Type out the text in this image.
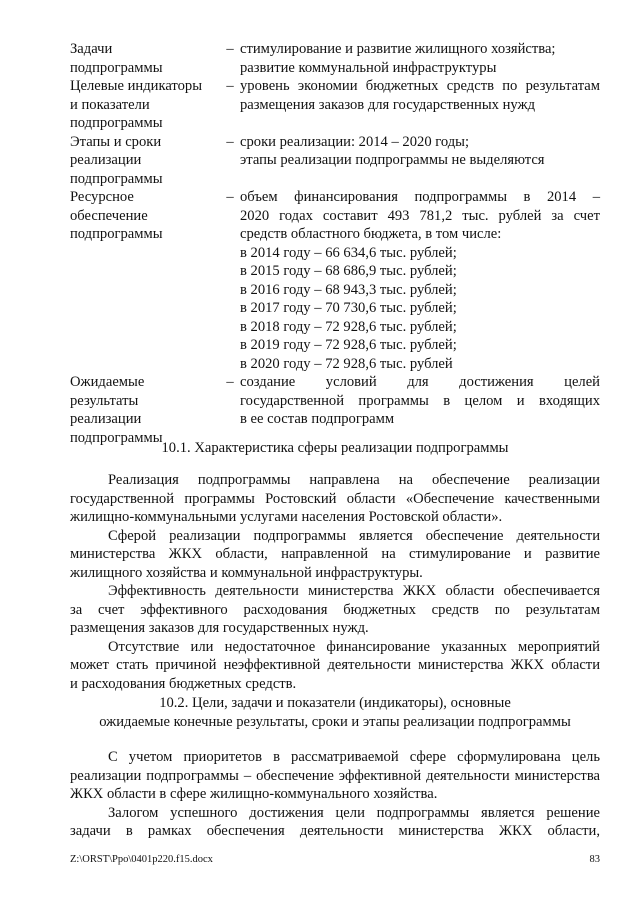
Задачи
подпрограммы
– стимулирование и развитие жилищного хозяйства;
развитие коммунальной инфраструктуры
Целевые индикаторы
и показатели
подпрограммы
– уровень экономии бюджетных средств по результатам
размещения заказов для государственных нужд
Этапы и сроки
реализации
подпрограммы
– сроки реализации: 2014 – 2020 годы;
этапы реализации подпрограммы не выделяются
Ресурсное
обеспечение
подпрограммы
– объем финансирования подпрограммы в 2014 –
2020 годах составит 493 781,2 тыс. рублей за счет
средств областного бюджета, в том числе:
в 2014 году – 66 634,6 тыс. рублей;
в 2015 году – 68 686,9 тыс. рублей;
в 2016 году – 68 943,3 тыс. рублей;
в 2017 году – 70 730,6 тыс. рублей;
в 2018 году – 72 928,6 тыс. рублей;
в 2019 году – 72 928,6 тыс. рублей;
в 2020 году – 72 928,6 тыс. рублей
Ожидаемые
результаты
реализации
подпрограммы
– создание условий для достижения целей
государственной программы в целом и входящих
в ее состав подпрограмм
10.1. Характеристика сферы реализации подпрограммы
Реализация подпрограммы направлена на обеспечение реализации
государственной программы Ростовский области «Обеспечение качественными
жилищно-коммунальными услугами населения Ростовской области».
Сферой реализации подпрограммы является обеспечение деятельности
министерства ЖКХ области, направленной на стимулирование и развитие
жилищного хозяйства и коммунальной инфраструктуры.
Эффективность деятельности министерства ЖКХ области обеспечивается
за счет эффективного расходования бюджетных средств по результатам
размещения заказов для государственных нужд.
Отсутствие или недостаточное финансирование указанных мероприятий
может стать причиной неэффективной деятельности министерства ЖКХ области
и расходования бюджетных средств.
10.2. Цели, задачи и показатели (индикаторы), основные
ожидаемые конечные результаты, сроки и этапы реализации подпрограммы
С учетом приоритетов в рассматриваемой сфере сформулирована цель
реализации подпрограммы – обеспечение эффективной деятельности министерства
ЖКХ области в сфере жилищно-коммунального хозяйства.
Залогом успешного достижения цели подпрограммы является решение
задачи в рамках обеспечения деятельности министерства ЖКХ области,
Z:\ORST\Ppo\0401p220.f15.docx	83
